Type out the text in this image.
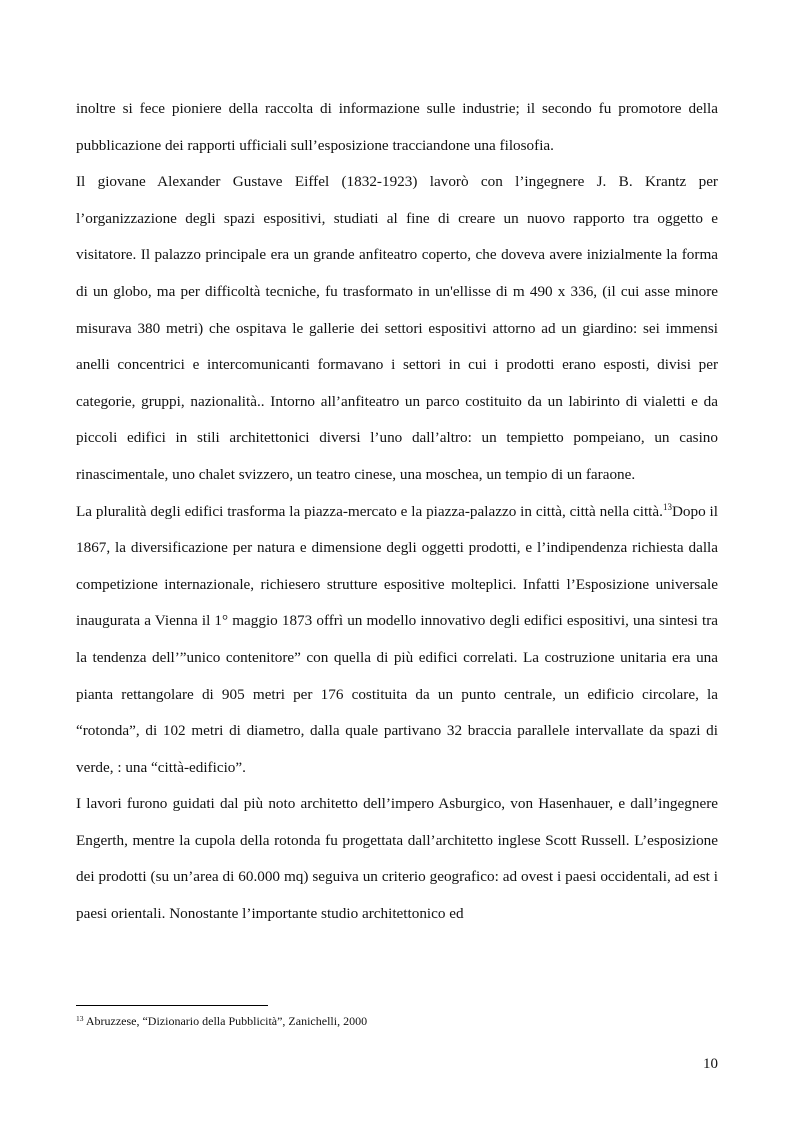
inoltre si fece pioniere della raccolta di informazione sulle industrie; il secondo fu promotore della pubblicazione dei rapporti ufficiali sull’esposizione tracciandone una filosofia.

Il giovane Alexander Gustave Eiffel (1832-1923) lavorò con l’ingegnere J. B. Krantz per l’organizzazione degli spazi espositivi, studiati al fine di creare un nuovo rapporto tra oggetto e visitatore. Il palazzo principale era un grande anfiteatro coperto, che doveva avere inizialmente la forma di un globo, ma per difficoltà tecniche, fu trasformato in un'ellisse di m 490 x 336, (il cui asse minore misurava 380 metri) che ospitava le gallerie dei settori espositivi attorno ad un giardino: sei immensi anelli concentrici e intercomunicanti formavano i settori in cui i prodotti erano esposti, divisi per categorie, gruppi, nazionalità.. Intorno all’anfiteatro un parco costituito da un labirinto di vialetti e da piccoli edifici in stili architettonici diversi l’uno dall’altro: un tempietto pompeiano, un casino rinascimentale, uno chalet svizzero, un teatro cinese, una moschea, un tempio di un faraone.

La pluralità degli edifici trasforma la piazza-mercato e la piazza-palazzo in città, città nella città.$^{13}$Dopo il 1867, la diversificazione per natura e dimensione degli oggetti prodotti, e l’indipendenza richiesta dalla competizione internazionale, richiesero strutture espositive molteplici. Infatti l’Esposizione universale inaugurata a Vienna il 1° maggio 1873 offrì un modello innovativo degli edifici espositivi, una sintesi tra la tendenza dell’”unico contenitore” con quella di più edifici correlati. La costruzione unitaria era una pianta rettangolare di 905 metri per 176 costituita da un punto centrale, un edificio circolare, la “rotonda”, di 102 metri di diametro, dalla quale partivano 32 braccia parallele intervallate da spazi di verde, : una “città-edificio”.

I lavori furono guidati dal più noto architetto dell’impero Asburgico, von Hasenhauer, e dall’ingegnere Engerth, mentre la cupola della rotonda fu progettata dall’architetto inglese Scott Russell. L’esposizione dei prodotti (su un’area di 60.000 mq) seguiva un criterio geografico: ad ovest i paesi occidentali, ad est i paesi orientali. Nonostante l’importante studio architettonico ed

$^{13}$ Abruzzese, “Dizionario della Pubblicità”, Zanichelli, 2000
10
